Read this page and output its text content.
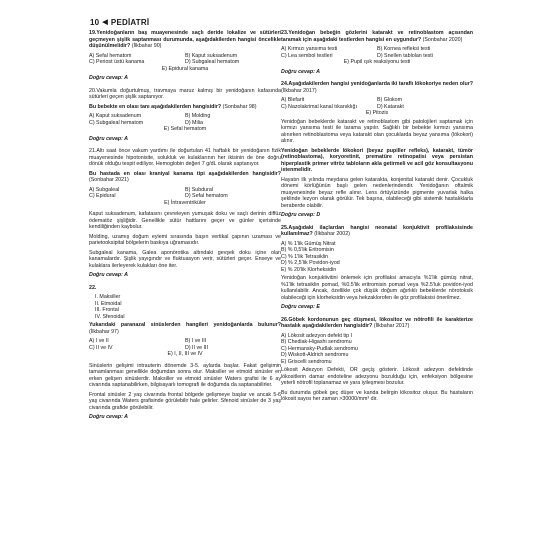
10 ◀ PEDİATRİ

19.Yenidoğanların baş muayenesinde saçlı deride lokalize ve sütürleri geçmeyen şişlik saptanması durumunda, aşağıdakilerden hangisi öncelikle düşünülmelidir? (İlkbahar 90)

A) Sefal hematom	B) Kaput suksadenum
C) Periost üstü kanama	D) Subgaleal hematom
E) Epidural kanama
Doğru cevap: A

20.Vakumla doğurtulmuş, travmaya maruz kalmış bir yenidoğanın kafasında sütürleri geçen şişlik saptanıyor.

Bu bebekte en olası tanı aşağıdakilerden hangisidir? (Sonbahar 98)

A) Kaput suksadenum	B) Molding
C) Subgaleal hematom	D) Milia
E) Sefal hematom
Doğru cevap: A

21.Altı saat önce vakum yardımı ile doğurtulan 41 haftalık bir yenidoğanın fizik muayenesinde hipotonisite, solukluk ve kulaklarının her ikisinin de öne doğru dönük olduğu tespit ediliyor. Hemoglobin değeri 7 g/dL olarak saptanıyor.

Bu hastada en olası kraniyal kanama tipi aşağıdakilerden hangisidir? (Sonbahar 2021)

A) Subgaleal	B) Subdural
C) Epidural	D) Sefal hematom
E) İntraventriküler

Kaput suksadenum, kafatasını çevreleyen yumuşak doku ve saçlı derinin diffüz ödematöz şişliğidir. Genellikle sütür hattlarını geçer ve günler içerisinde kendiliğinden kaybolur.

Molding, uzamış doğum eylemi sırasında başın vertikal çapının uzaması ve parietooksipital bölgelerin baskıya uğramasıdır.

Subgaleal kanama, Galea aponörotika altındaki gevşek doku içine olan kanamalardır. Şişlik yayıgındır ve fluktuasyon verir, sütürleri geçer. Enseye ve kulaklara ilerleyerek kulakları öne iter.

Doğru cevap: A

22.

I. Maksiller
II. Etmoidal
III. Frontal
IV. Sfenoidal

Yukarıdaki paranazal sinüslerden hangileri yenidoğanlarda bulunur? (İlkbahar 97)

A) I ve II	B) I ve III
C) II ve IV	D) II ve III
E) I, II, III ve IV

Sinüslerin gelişimi intrauterin dönemde 3-5. aylarda başlar. Fakat gelişimin tamamlanması genellikle doğumdan sonra olur. Maksiller ve etmoid sinüsler en erken gelişen sinüslerdir. Maksiller ve etmoid sinüsler Waters grafisi ile 6 ay civarında saptanabilirken, bilgisayarlı tomografi ile doğumda da saptanabilirler.

Frontal sinüsler 2 yaş civarında frontal bölgede gelişmeye başlar ve ancak 5-6 yaş civarında Waters grafisinde görülebilir hale gelirler. Sfenoid sinüsler de 3 yaş civarında grafide görülebilir.

Doğru cevap: A

23.Yenidoğan bebeğin gözlerini katarakt ve retinoblastom açısından taramak için aşağıdaki testlerden hangisi en uygundur? (Sonbahar 2020)

A) Kırmızı yansıma testi	B) Kornea refleksi testi
C) Lea sembol testleri	D) Snellen tablolan testi
E) Pupil ışık reaksiyonu testi
Doğru cevap: A

24.Aşağıdakilerden hangisi yenidoğanlarda iki taraflı lökokoriye neden olur? (İlkbahar 2017)

A) Blefarit	B) Glokom
C) Nazolakrimal kanal tıkanıklığı	D) Katarakt
E) Pitozis

Yenidoğan bebeklerde katarakt ve retinoblastom gibi patolojileri saptamak için kırmızı yansıma testi ile tarama yapılır. Sağlıklı bir bebekte kırmızı yansıma alınırken retinoblastoma veya katarakt olan çocuklarda beyaz yansıma (lökokori) alınır.

Yenidoğan bebeklerde lökokori (beyaz pupiller refleks), katarakt, tümör (retinoblastoma), koryoretinit, prematüre retinopatisi veya persistan hiperplastik primer vitröz tabloların akla getirmeli ve acil göz konsultasyonu istenmelidir.

Hayatın ilk yılında meydana gelen katarakta, konjenital katarakt denir. Çocukluk dönemi körlüğünün başlı gelen nedenlerindendir. Yenidoğanın oftalmik muayenesinde beyaz refle alınır. Lens örtüyüzünde pigmente yuvarlak halka şeklinde lezyon olarak görülür. Tek başına, olabileceği gibi sistemik hastalıklarla beraberde olabilir.

Doğru cevap: D

25.Aşağıdaki ilaçlardan hangisi neonatal konjuktivit profilaksisinde kullanılmaz? (İlkbahar 2002)

A) % 1'lik Gümüş Nitrat
B) % 0,5'lik Eritromisin
C) % 1'lik Tetrasiklin
D) % 2,5'lik Povidon-iyod
E) % 20'lik Klorheksidin

Yenidoğan konjuktivitini önlemek için profilaksi amacıyla %1'lik gümüş nitrat, %1'lik tetrasiklin pomad, %0.5'lik eritromisin pomad veya %2.5'luk povidon-iyod kullanılabilir. Ancak, özellikle çok düşük doğum ağırlıklı bebeklerde nörotoksik olabileceği için klorheksidin veya hekzaklorofen ile göz profilaksisi önerilmez.

Doğru cevap: E

26.Göbek kordonunun geç düşmesi, lökositoz ve nötrofili ile karakterize hastalık aşağıdakilerden hangisidir? (İlkbahar 2017)

A) Lökosit adezyon defekt tip I
B) Chediak-Higashi sendromu
C) Hermansky-Pudlak sendromu
D) Wiskott-Aldrich sendromu
E) Griscelli sendromu

Lökosit Adezyon Defekti, OR geçiş gösterir. Lökosit adezyon defektinde lökositlerin damar endoteline adezyonu bozulduğu için, enfeksiyon bölgesine yeterli nötrofil toplanamaz ve yara iyileşmesi bozulur.

Bu durumda göbek geç düşer ve kanda belirgin lökositoz oluşur. Bu hastaların lökosit sayısı her zaman >30000/mm³ dir.
